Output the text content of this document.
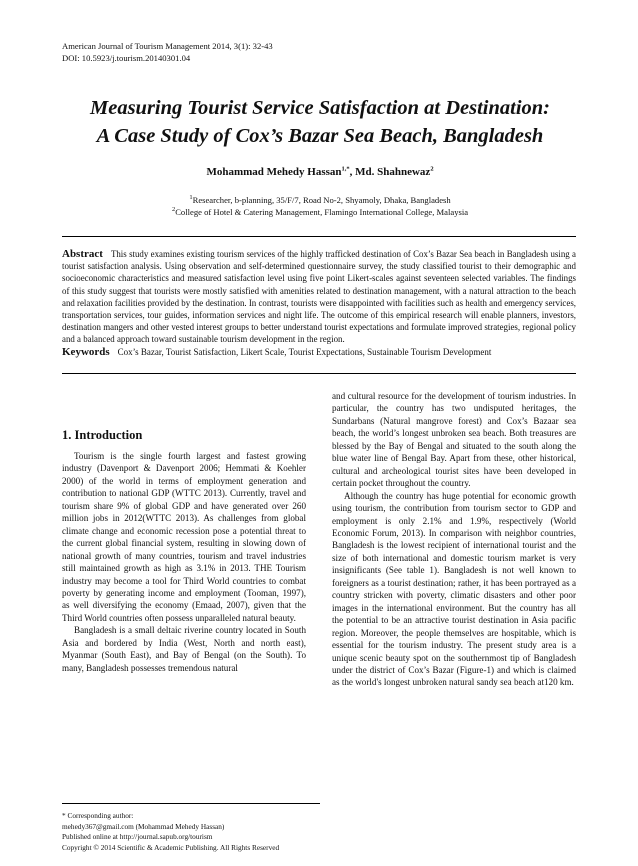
American Journal of Tourism Management 2014, 3(1): 32-43
DOI: 10.5923/j.tourism.20140301.04
Measuring Tourist Service Satisfaction at Destination:
A Case Study of Cox’s Bazar Sea Beach, Bangladesh
Mohammad Mehedy Hassan$^{1,*}$, Md. Shahnewaz$^2$
$^1$Researcher, b-planning, 35/F/7, Road No-2, Shyamoly, Dhaka, Bangladesh
$^2$College of Hotel & Catering Management, Flamingo International College, Malaysia
Abstract This study examines existing tourism services of the highly trafficked destination of Cox’s Bazar Sea beach in Bangladesh using a tourist satisfaction analysis. Using observation and self-determined questionnaire survey, the study classified tourist to their demographic and socioeconomic characteristics and measured satisfaction level using five point Likert-scales against seventeen selected variables. The findings of this study suggest that tourists were mostly satisfied with amenities related to destination management, with a natural attraction to the beach and relaxation facilities provided by the destination. In contrast, tourists were disappointed with facilities such as health and emergency services, transportation services, tour guides, information services and night life. The outcome of this empirical research will enable planners, investors, destination mangers and other vested interest groups to better understand tourist expectations and formulate improved strategies, regional policy and a balanced approach toward sustainable tourism development in the region.
Keywords Cox’s Bazar, Tourist Satisfaction, Likert Scale, Tourist Expectations, Sustainable Tourism Development
1. Introduction

Tourism is the single fourth largest and fastest growing industry (Davenport & Davenport 2006; Hemmati & Koehler 2000) of the world in terms of employment generation and contribution to national GDP (WTTC 2013). Currently, travel and tourism share 9% of global GDP and have generated over 260 million jobs in 2012(WTTC 2013). As challenges from global climate change and economic recession pose a potential threat to the current global financial system, resulting in slowing down of national growth of many countries, tourism and travel industries still maintained growth as high as 3.1% in 2013. THE Tourism industry may become a tool for Third World countries to combat poverty by generating income and employment (Tooman, 1997), as well diversifying the economy (Emaad, 2007), given that the Third World countries often possess unparalleled natural beauty.

Bangladesh is a small deltaic riverine country located in South Asia and bordered by India (West, North and north east), Myanmar (South East), and Bay of Bengal (on the South). To many, Bangladesh possesses tremendous natural

and cultural resource for the development of tourism industries. In particular, the country has two undisputed heritages, the Sundarbans (Natural mangrove forest) and Cox’s Bazaar sea beach, the world’s longest unbroken sea beach. Both treasures are blessed by the Bay of Bengal and situated to the south along the blue water line of Bengal Bay. Apart from these, other historical, cultural and archeological tourist sites have been developed in certain pocket throughout the country.

Although the country has huge potential for economic growth using tourism, the contribution from tourism sector to GDP and employment is only 2.1% and 1.9%, respectively (World Economic Forum, 2013). In comparison with neighbor countries, Bangladesh is the lowest recipient of international tourist and the size of both international and domestic tourism market is very insignificants (See table 1). Bangladesh is not well known to foreigners as a tourist destination; rather, it has been portrayed as a country stricken with poverty, climatic disasters and other poor images in the international environment. But the country has all the potential to be an attractive tourist destination in Asia pacific region. Moreover, the people themselves are hospitable, which is essential for the tourism industry. The present study area is a unique scenic beauty spot on the southernmost tip of Bangladesh under the district of Cox’s Bazar (Figure-1) and which is claimed as the world's longest unbroken natural sandy sea beach at120 km.

* Corresponding author:
mehedy367@gmail.com (Mohammad Mehedy Hassan)
Published online at http://journal.sapub.org/tourism
Copyright © 2014 Scientific & Academic Publishing. All Rights Reserved
